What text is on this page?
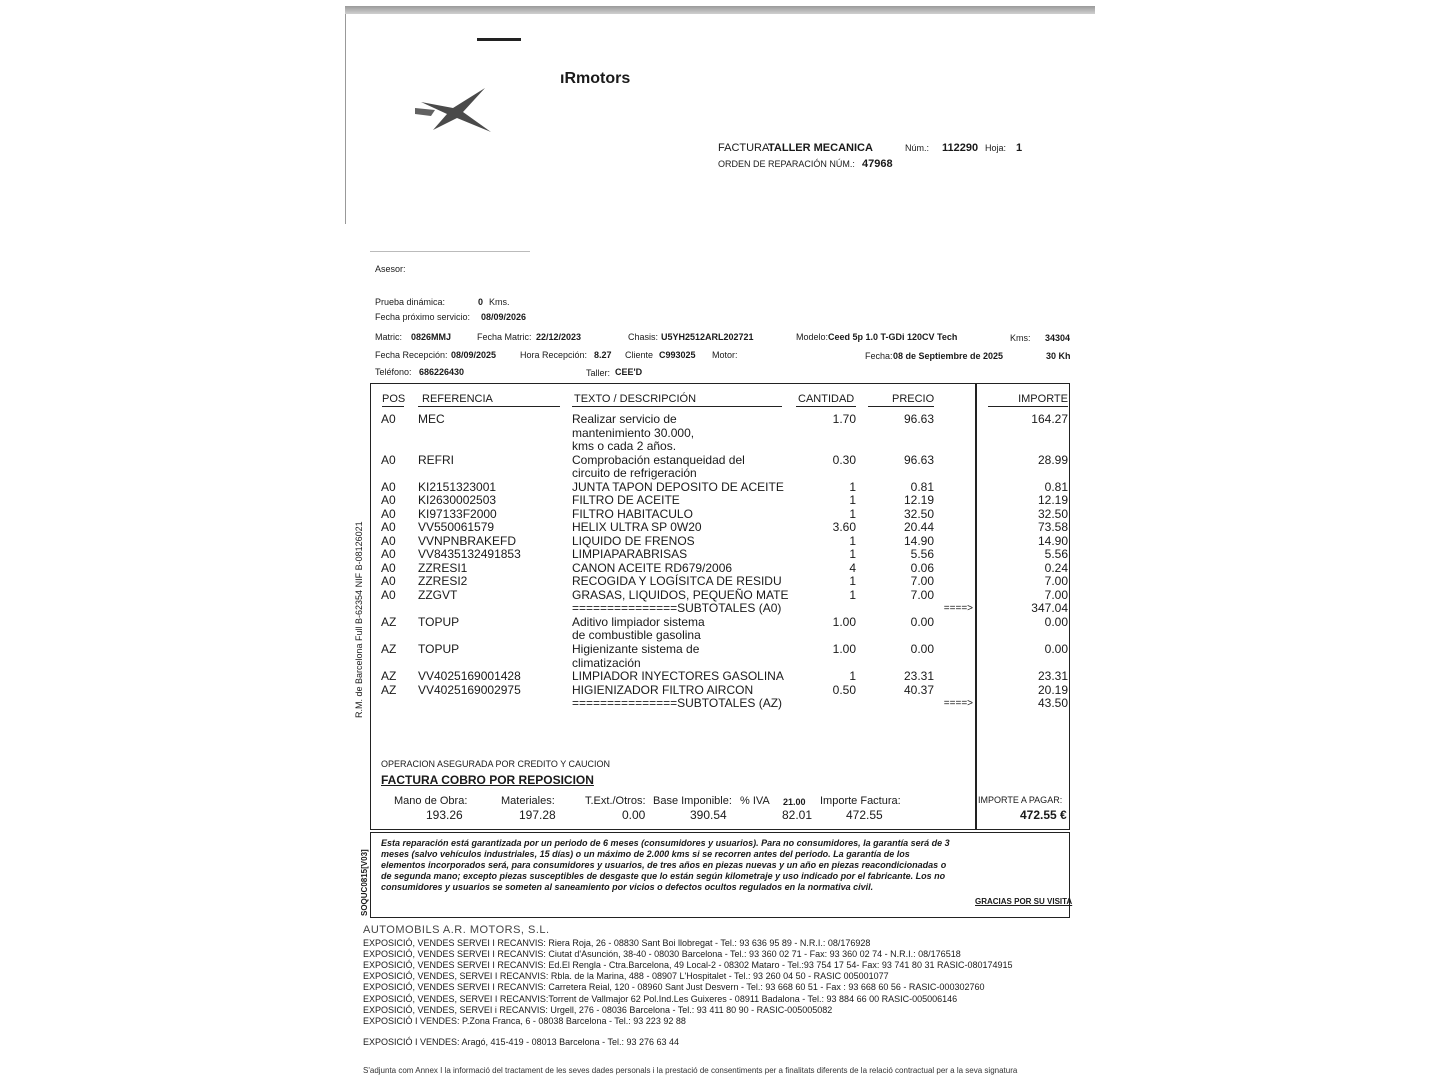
ıRmotors
FACTURA:
TALLER MECANICA	Núm.: 112290 Hoja: 1
ORDEN DE REPARACIÓN NÚM.: 47968
Asesor:
Prueba dinámica:	0 Kms.
Fecha próximo servicio: 08/09/2026
Matric: 0826MMJ	Fecha Matric: 22/12/2023	Chasis: U5YH2512ARL202721	Modelo: Ceed 5p 1.0 T-GDi 120CV Tech	Kms: 34304
Fecha Recepción: 08/09/2025	Hora Recepción: 8.27 Cliente C993025 Motor:	Fecha: 08 de Septiembre de 2025	30 Kh
Teléfono: 686226430	Taller: CEE'D
POS	REFERENCIA	TEXTO / DESCRIPCIÓN	CANTIDAD	PRECIO	IMPORTE
A0 MEC	Realizar servicio de	1.70	96.63	164.27
mantenimiento 30.000,
kms o cada 2 años.
A0 REFRI	Comprobación estanqueidad del	0.30	96.63	28.99
circuito de refrigeración
A0 KI2151323001	JUNTA TAPON DEPOSITO DE ACEITE	1	0.81	0.81
A0 KI2630002503	FILTRO DE ACEITE	1	12.19	12.19
A0 KI97133F2000	FILTRO HABITACULO	1	32.50	32.50
A0 VV550061579	HELIX ULTRA SP 0W20	3.60	20.44	73.58
A0 VVNPNBRAKEFD	LIQUIDO DE FRENOS	1	14.90	14.90
A0 VV8435132491853	LIMPIAPARABRISAS	1	5.56	5.56
A0 ZZRESI1	CANON ACEITE RD679/2006	4	0.06	0.24
A0 ZZRESI2	RECOGIDA Y LOGÍSITCA DE RESIDU	1	7.00	7.00
A0 ZZGVT	GRASAS, LIQUIDOS, PEQUEÑO MATE	1	7.00	7.00
===============SUBTOTALES (A0)	====>	347.04
AZ TOPUP	Aditivo limpiador sistema	1.00	0.00	0.00
de combustible gasolina
AZ TOPUP	Higienizante sistema de	1.00	0.00	0.00
climatización
AZ VV4025169001428	LIMPIADOR INYECTORES GASOLINA	1	23.31	23.31
AZ VV4025169002975	HIGIENIZADOR FILTRO AIRCON	0.50	40.37	20.19
===============SUBTOTALES (AZ)	====>	43.50
OPERACION ASEGURADA POR CREDITO Y CAUCION
FACTURA COBRO POR REPOSICION
Mano de Obra:
193.26
Materiales:
197.28
T.Ext./Otros:
0.00
Base Imponible:
390.54
% IVA 21.00
82.01
Importe Factura:
472.55
IMPORTE A PAGAR:
472.55 €
Esta reparación está garantizada por un periodo de 6 meses (consumidores y usuarios). Para no consumidores, la garantía será de 3 meses (salvo vehículos industriales, 15 días) o un máximo de 2.000 kms si se recorren antes del periodo. La garantía de los elementos incorporados será, para consumidores y usuarios, de tres años en piezas nuevas y un año en piezas reacondicionadas o de segunda mano; excepto piezas susceptibles de desgaste que lo están según kilometraje y uso indicado por el fabricante. Los no consumidores y usuarios se someten al saneamiento por vicios o defectos ocultos regulados en la normativa civil.
GRACIAS POR SU VISITA
R.M. de Barcelona Full B-62354 NIF B-08126021
SOQUC0815[V03]
AUTOMOBILS A.R. MOTORS, S.L.
EXPOSICIÓ, VENDES SERVEI I RECANVIS: Riera Roja, 26 - 08830 Sant Boi llobregat - Tel.: 93 636 95 89 - N.R.I.: 08/176928
EXPOSICIÓ, VENDES SERVEI I RECANVIS: Ciutat d'Asunción, 38-40 - 08030 Barcelona - Tel.: 93 360 02 71 - Fax: 93 360 02 74 - N.R.I.: 08/176518
EXPOSICIÓ, VENDES SERVEI I RECANVIS: Ed.El Rengla - Ctra.Barcelona, 49 Local-2 - 08302 Mataro - Tel.:93 754 17 54- Fax: 93 741 80 31 RASIC-080174915
EXPOSICIÓ, VENDES, SERVEI I RECANVIS: Rbla. de la Marina, 488 - 08907 L'Hospitalet - Tel.: 93 260 04 50 - RASIC 005001077
EXPOSICIÓ, VENDES SERVEI I RECANVIS: Carretera Reial, 120 - 08960 Sant Just Desvern - Tel.: 93 668 60 51 - Fax : 93 668 60 56 - RASIC-000302760
EXPOSICIÓ, VENDES, SERVEI I RECANVIS:Torrent de Vallmajor 62 Pol.Ind.Les Guixeres - 08911 Badalona - Tel.: 93 884 66 00 RASIC-005006146
EXPOSICIÓ, VENDES, SERVEI i RECANVIS: Urgell, 276 - 08036 Barcelona - Tel.: 93 411 80 90 - RASIC-005005082
EXPOSICIÓ I VENDES: P.Zona Franca, 6 - 08038 Barcelona - Tel.: 93 223 92 88
EXPOSICIÓ I VENDES: Aragó, 415-419 - 08013 Barcelona - Tel.: 93 276 63 44
S'adjunta com Annex I la informació del tractament de les seves dades personals i la prestació de consentiments per a finalitats diferents de la relació contractual per a la seva signatura
